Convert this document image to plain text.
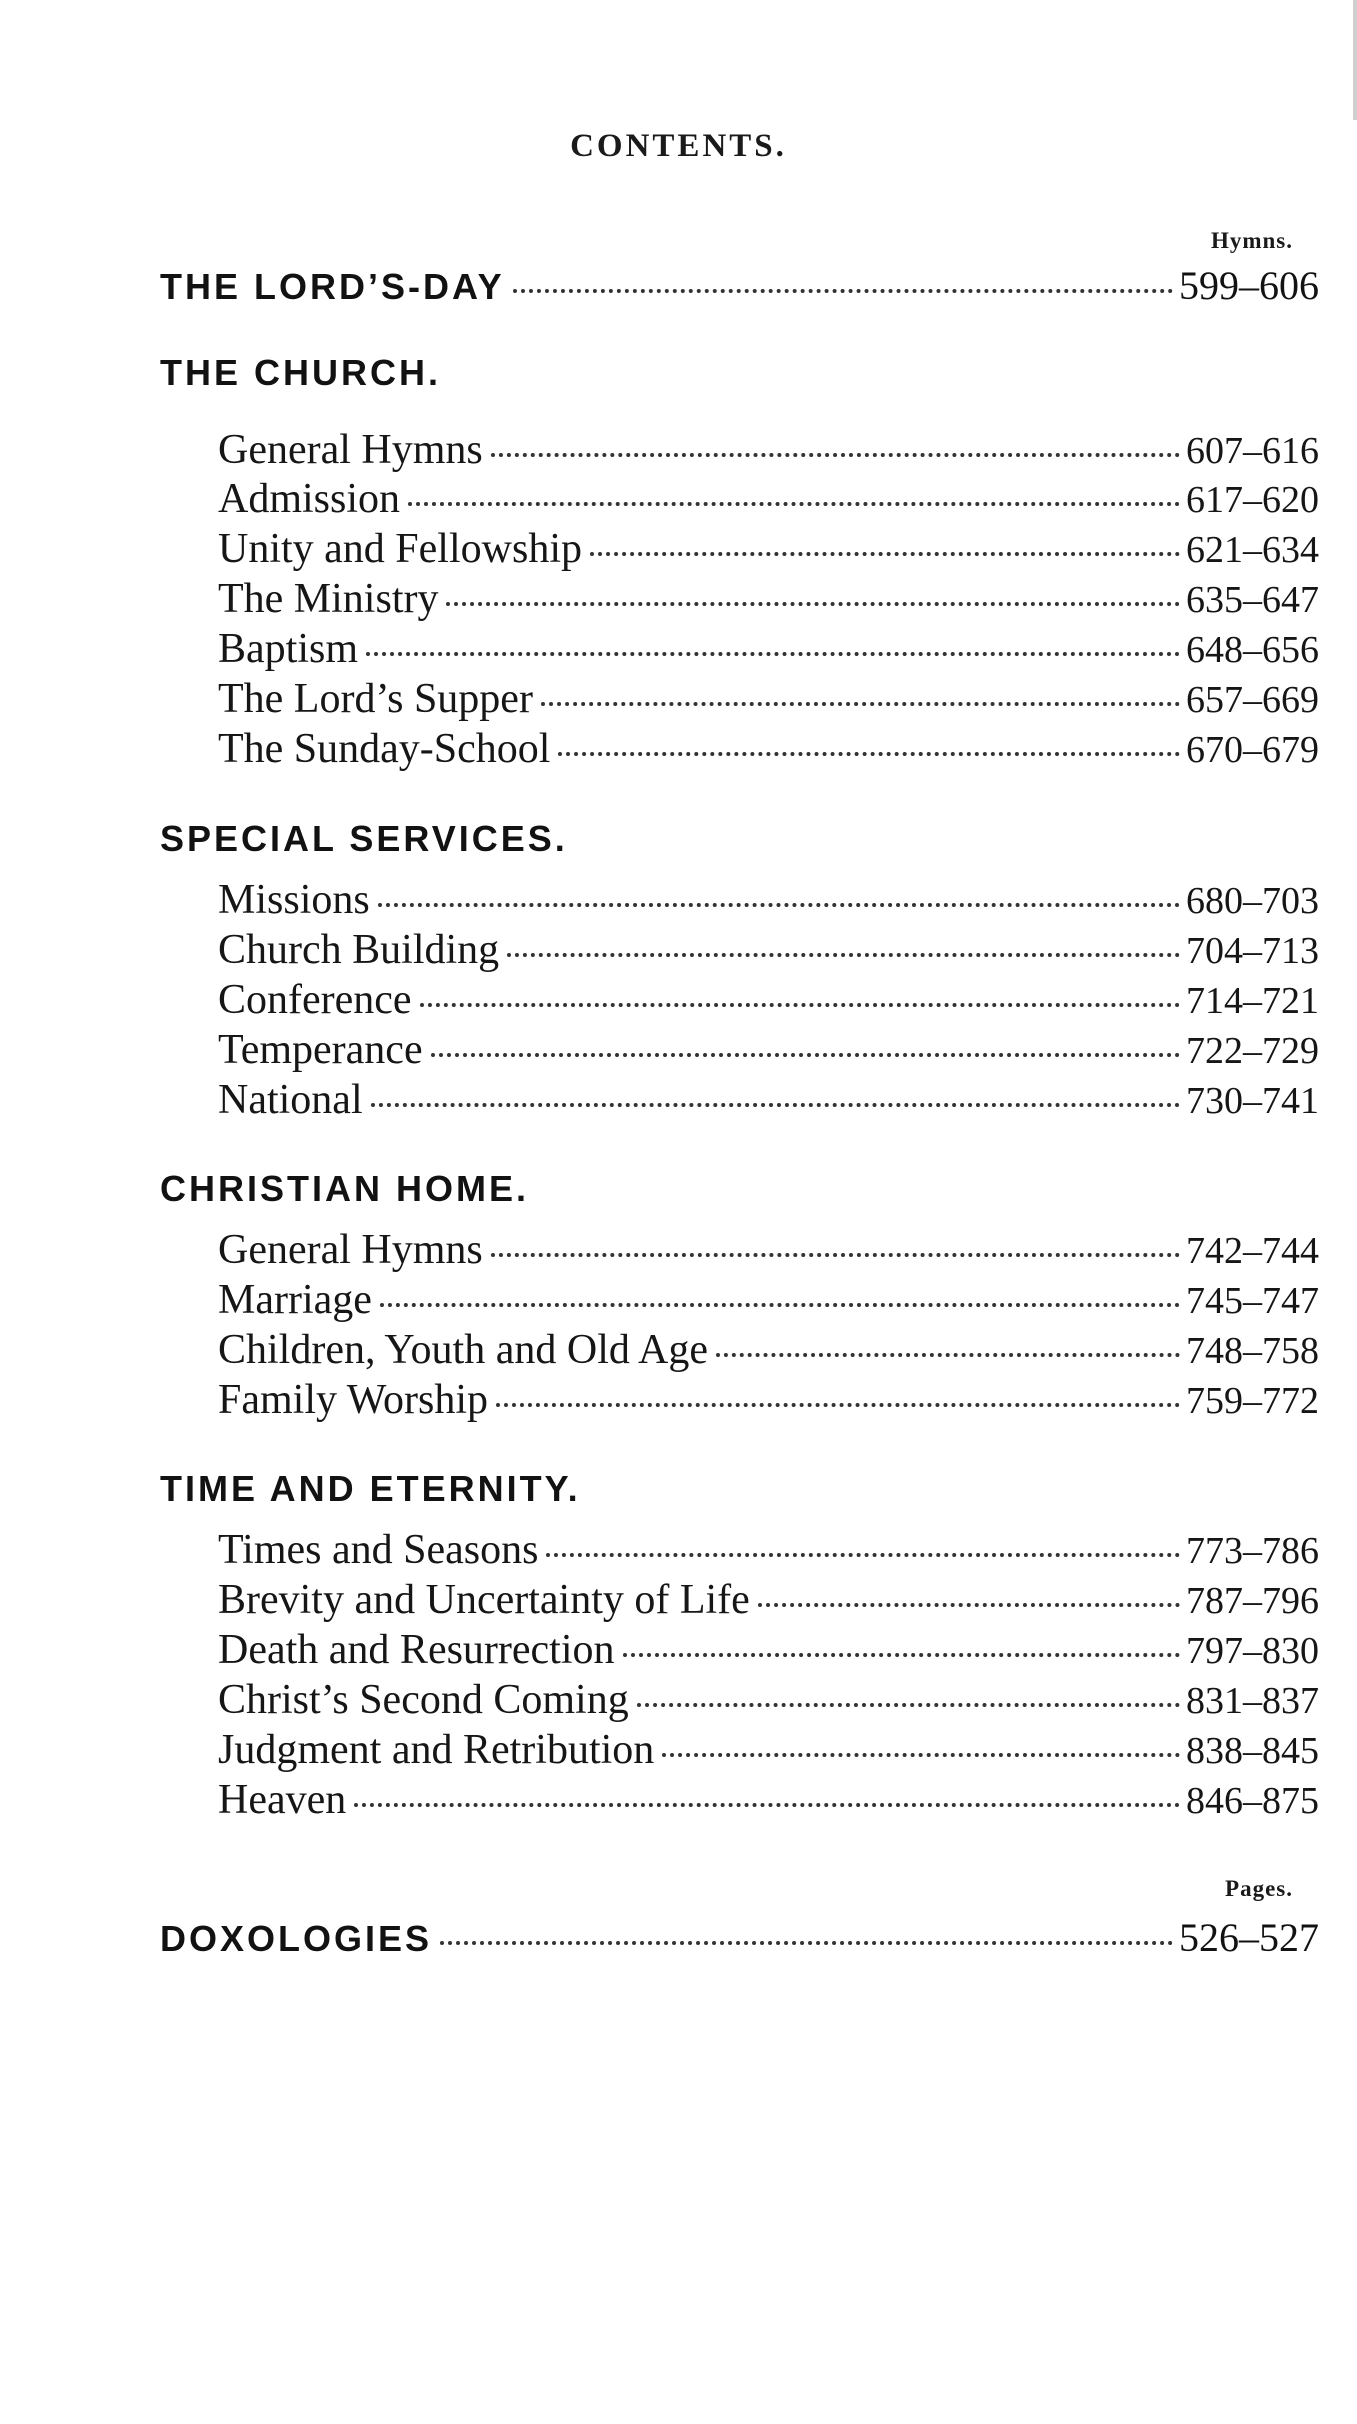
CONTENTS.
Hymns.
THE LORD’S-DAY	599–606
THE CHURCH.
General Hymns	607–616
Admission	617–620
Unity and Fellowship	621–634
The Ministry	635–647
Baptism	648–656
The Lord’s Supper	657–669
The Sunday-School	670–679
SPECIAL SERVICES.
Missions	680–703
Church Building	704–713
Conference	714–721
Temperance	722–729
National	730–741
CHRISTIAN HOME.
General Hymns	742–744
Marriage	745–747
Children, Youth and Old Age	748–758
Family Worship	759–772
TIME AND ETERNITY.
Times and Seasons	773–786
Brevity and Uncertainty of Life	787–796
Death and Resurrection	797–830
Christ’s Second Coming	831–837
Judgment and Retribution	838–845
Heaven	846–875
Pages.
DOXOLOGIES	526–527
